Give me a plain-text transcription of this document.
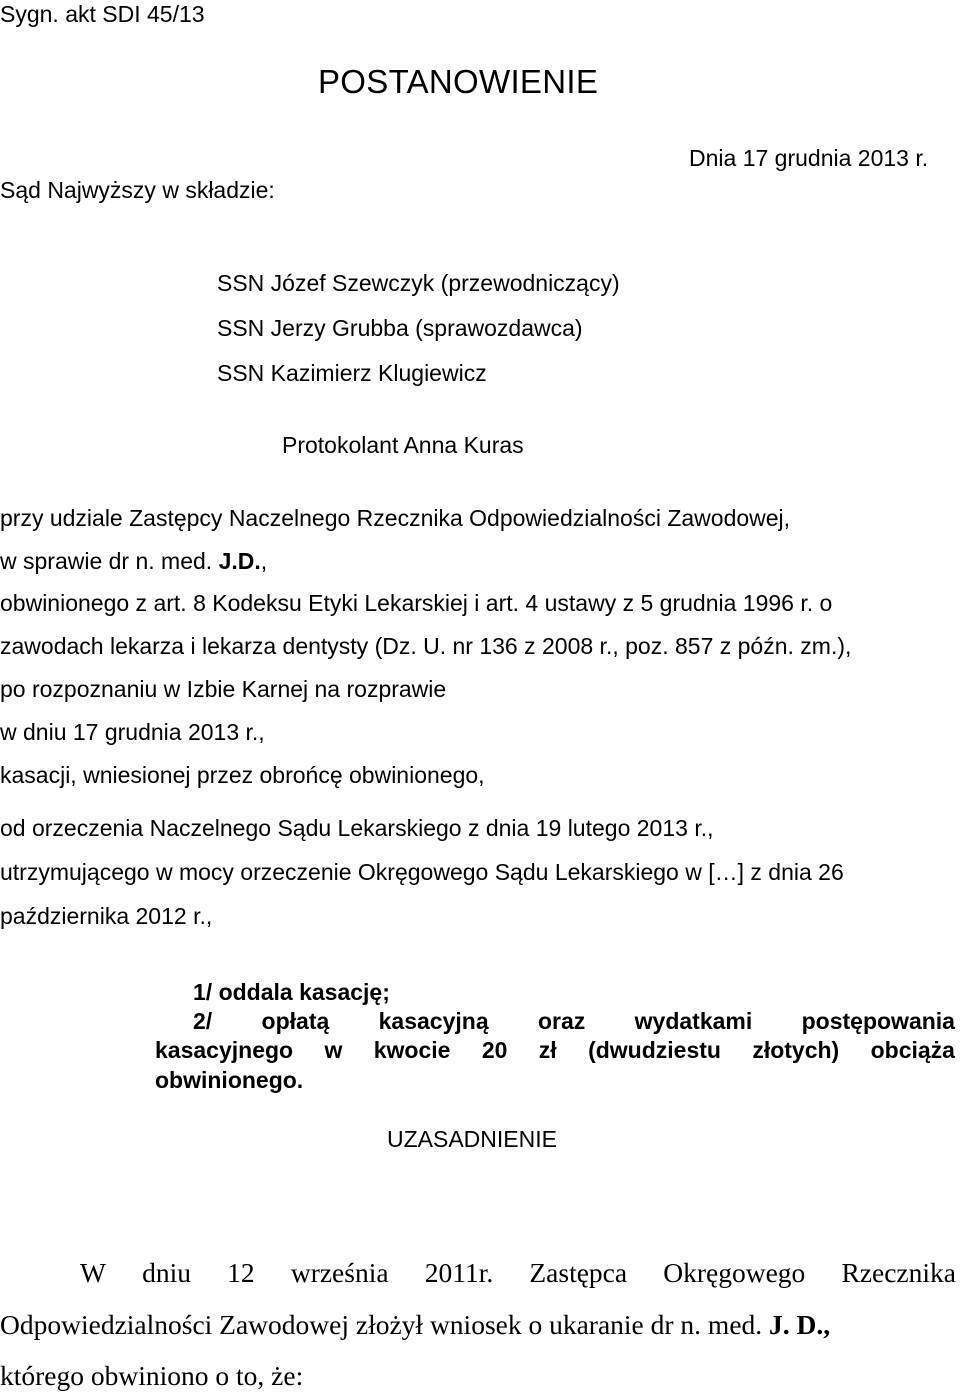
Sygn. akt SDI 45/13
POSTANOWIENIE
Dnia 17 grudnia 2013 r.
Sąd Najwyższy w składzie:
SSN Józef Szewczyk (przewodniczący)
SSN Jerzy Grubba (sprawozdawca)
SSN Kazimierz Klugiewicz
Protokolant Anna Kuras
przy udziale Zastępcy Naczelnego Rzecznika Odpowiedzialności Zawodowej,
w sprawie dr n. med. J.D.,
obwinionego z art. 8 Kodeksu Etyki Lekarskiej i art. 4 ustawy z 5 grudnia 1996 r. o
zawodach lekarza i lekarza dentysty (Dz. U. nr 136 z 2008 r., poz. 857 z późn. zm.),
po rozpoznaniu w Izbie Karnej na rozprawie
w dniu 17 grudnia 2013 r.,
kasacji, wniesionej przez obrońcę obwinionego,
od orzeczenia Naczelnego Sądu Lekarskiego z dnia 19 lutego 2013 r.,
utrzymującego w mocy orzeczenie Okręgowego Sądu Lekarskiego w […] z dnia 26
października 2012 r.,
1/ oddala kasację;
2/ opłatą kasacyjną oraz wydatkami postępowania
kasacyjnego w kwocie 20 zł (dwudziestu złotych) obciąża
obwinionego.
UZASADNIENIE
W dniu 12 września 2011r. Zastępca Okręgowego Rzecznika
Odpowiedzialności Zawodowej złożył wniosek o ukaranie dr n. med. J. D.,
którego obwiniono o to, że:
